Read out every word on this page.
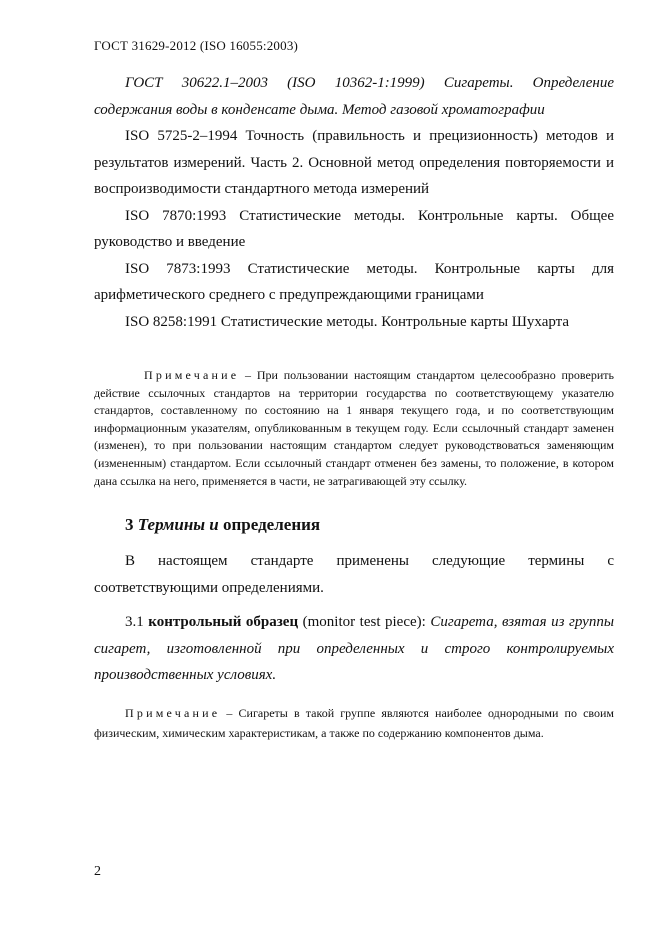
ГОСТ 31629-2012 (ISO 16055:2003)

ГОСТ 30622.1–2003 (ISO 10362-1:1999) Сигареты. Определение содержания воды в конденсате дыма. Метод газовой хроматографии

ISO 5725-2–1994 Точность (правильность и прецизионность) методов и результатов измерений. Часть 2. Основной метод определения повторяемости и воспроизводимости стандартного метода измерений

ISO 7870:1993 Статистические методы. Контрольные карты. Общее руководство и введение

ISO 7873:1993 Статистические методы. Контрольные карты для арифметического среднего с предупреждающими границами

ISO 8258:1991 Статистические методы. Контрольные карты Шухарта

Примечание – При пользовании настоящим стандартом целесообразно проверить действие ссылочных стандартов на территории государства по соответствующему указателю стандартов, составленному по состоянию на 1 января текущего года, и по соответствующим информационным указателям, опубликованным в текущем году. Если ссылочный стандарт заменен (изменен), то при пользовании настоящим стандартом следует руководствоваться заменяющим (измененным) стандартом. Если ссылочный стандарт отменен без замены, то положение, в котором дана ссылка на него, применяется в части, не затрагивающей эту ссылку.

3 Термины и определения

В настоящем стандарте применены следующие термины с соответствующими определениями.

3.1 контрольный образец (monitor test piece): Сигарета, взятая из группы сигарет, изготовленной при определенных и строго контролируемых производственных условиях.

Примечание – Сигареты в такой группе являются наиболее однородными по своим физическим, химическим характеристикам, а также по содержанию компонентов дыма.

2
